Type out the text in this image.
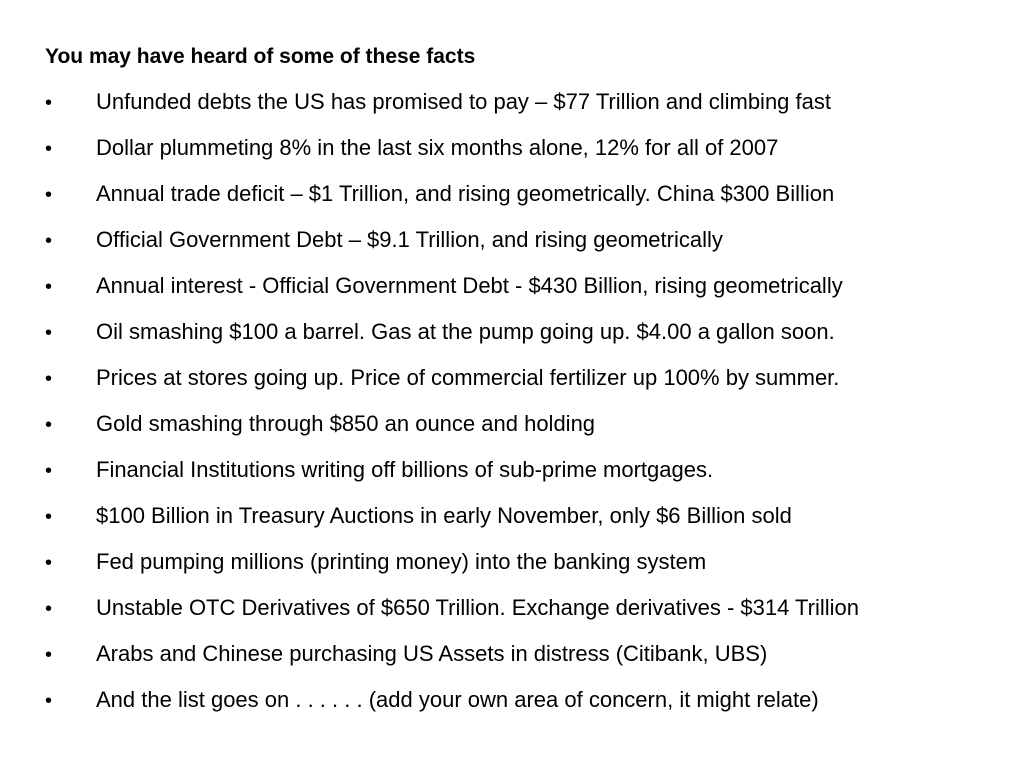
You may have heard of some of these facts
• Unfunded debts the US has promised to pay – $77 Trillion and climbing fast
• Dollar plummeting 8% in the last six months alone, 12% for all of 2007
• Annual trade deficit – $1 Trillion, and rising geometrically. China $300 Billion
• Official Government Debt – $9.1 Trillion, and rising geometrically
• Annual interest - Official Government Debt - $430 Billion, rising geometrically
• Oil smashing $100 a barrel. Gas at the pump going up. $4.00 a gallon soon.
• Prices at stores going up. Price of commercial fertilizer up 100% by summer.
• Gold smashing through $850 an ounce and holding
• Financial Institutions writing off billions of sub-prime mortgages.
• $100 Billion in Treasury Auctions in early November, only $6 Billion sold
• Fed pumping millions (printing money) into the banking system
• Unstable OTC Derivatives of $650 Trillion. Exchange derivatives - $314 Trillion
• Arabs and Chinese purchasing US Assets in distress (Citibank, UBS)
• And the list goes on . . . . . . (add your own area of concern, it might relate)
